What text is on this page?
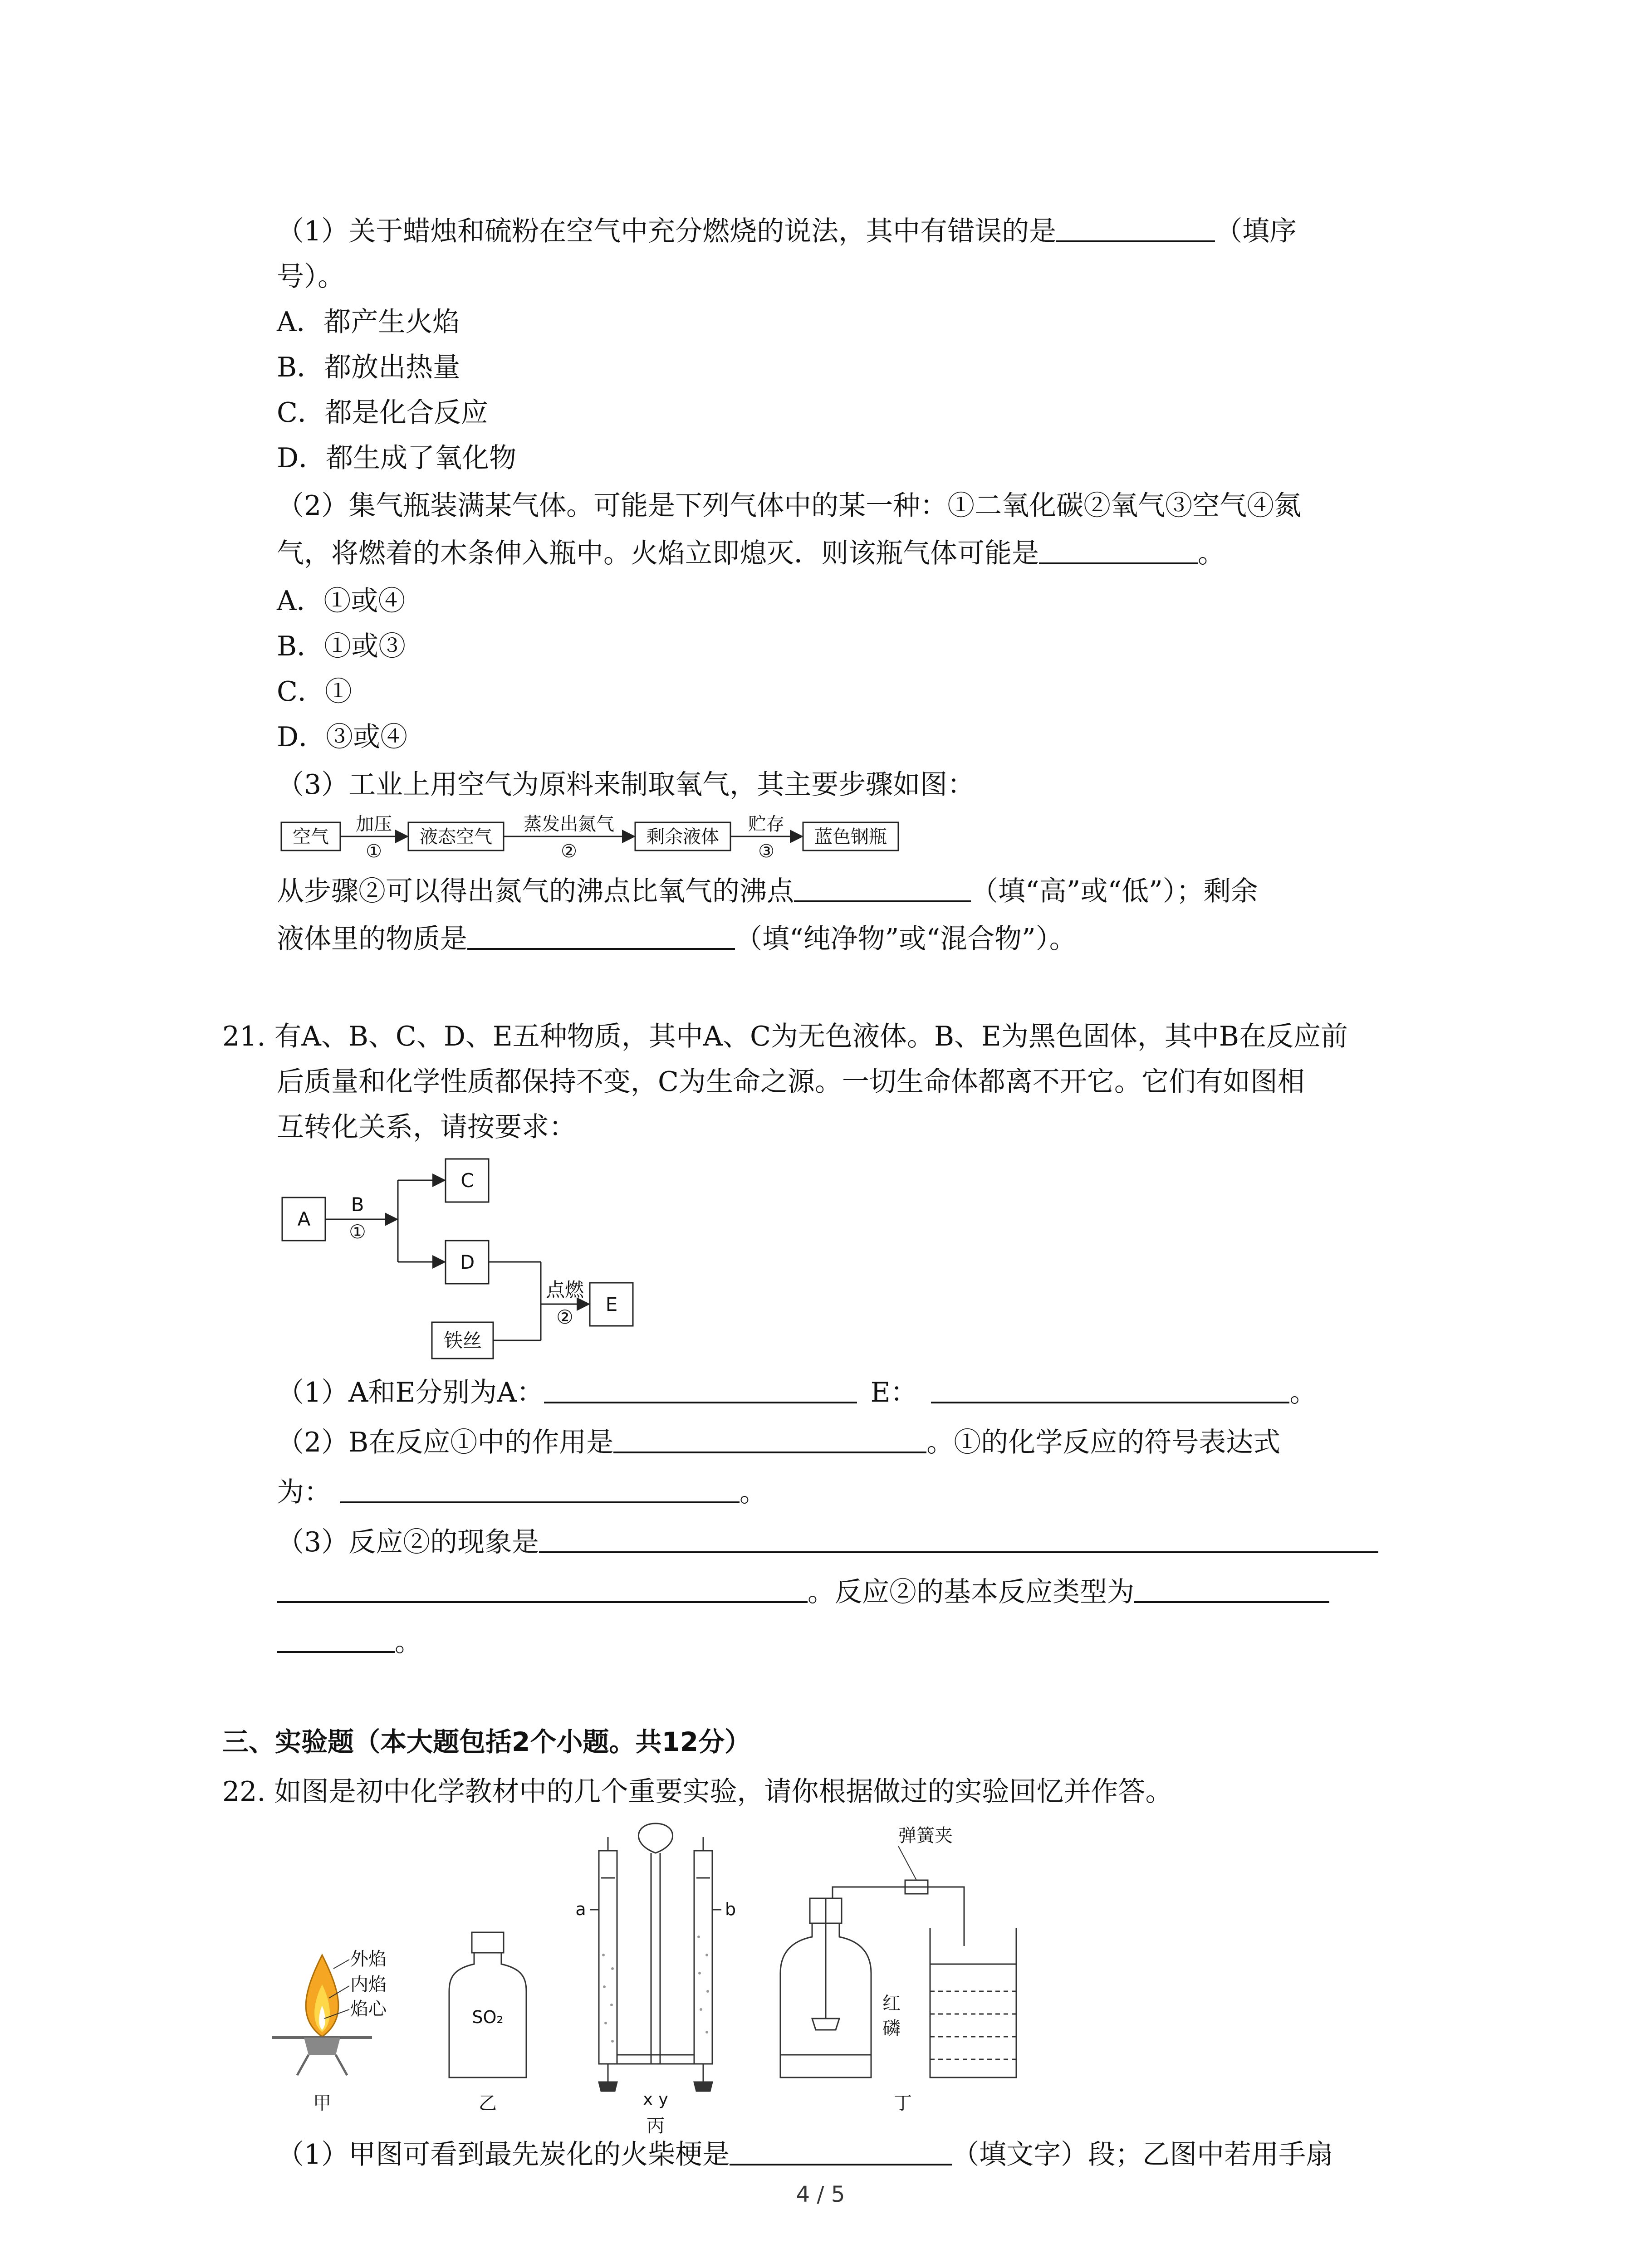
（1）关于蜡烛和硫粉在空气中充分燃烧的说法，其中有错误的是	（填序
号）。
A．都产生火焰
B．都放出热量
C．都是化合反应
D．都生成了氧化物
（2）集气瓶装满某气体。可能是下列气体中的某一种：①二氧化碳②氧气③空气④氮
气，将燃着的木条伸入瓶中。火焰立即熄灭．则该瓶气体可能是	。
A．①或④
B．①或③
C．①
D．③或④
（3）工业上用空气为原料来制取氧气，其主要步骤如图：
空气	液态空气	剩余液体	蓝色钢瓶
加压	蒸发出氮气	贮存
①	②	③
从步骤②可以得出氮气的沸点比氧气的沸点	（填“高”或“低”）；剩余
液体里的物质是	（填“纯净物”或“混合物”）。
21. 有A、B、C、D、E五种物质，其中A、C为无色液体。B、E为黑色固体，其中B在反应前
后质量和化学性质都保持不变，C为生命之源。一切生命体都离不开它。它们有如图相
互转化关系，请按要求：
A
C
D
E
铁丝
B
①
点燃
②
（1）A和E分别为A：	E：	。
（2）B在反应①中的作用是	。①的化学反应的符号表达式
为：	。
（3）反应②的现象是
。反应②的基本反应类型为
。
三、实验题（本大题包括2个小题。共12分）
22. 如图是初中化学教材中的几个重要实验，请你根据做过的实验回忆并作答。
外焰
内焰
焰心
甲
SO₂
乙
a	b
x y
丙
弹簧夹
红
磷
丁
（1）甲图可看到最先炭化的火柴梗是	（填文字）段；乙图中若用手扇
4 / 5
